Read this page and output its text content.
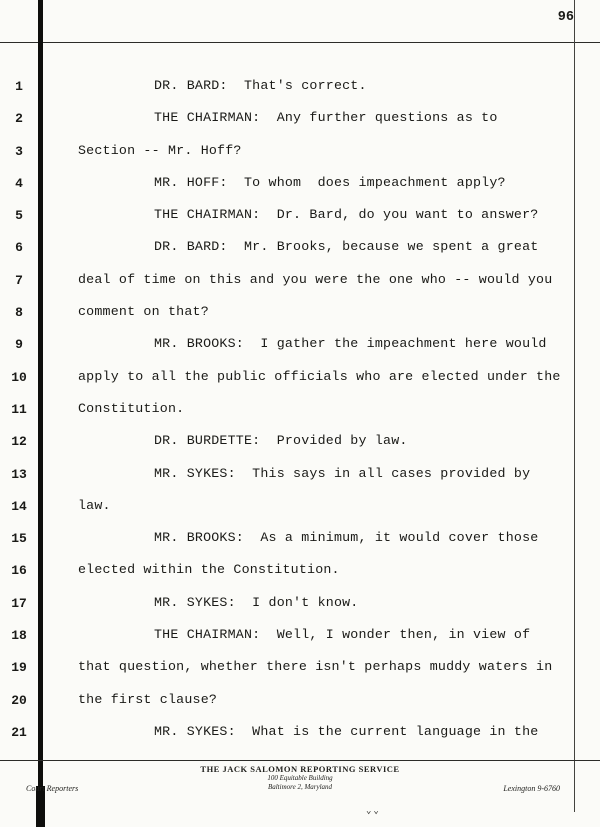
⌄⌄
96
1	DR. BARD:  That's correct.
2	THE CHAIRMAN:  Any further questions as to
3	Section -- Mr. Hoff?
4	MR. HOFF:  To whom  does impeachment apply?
5	THE CHAIRMAN:  Dr. Bard, do you want to answer?
6	DR. BARD:  Mr. Brooks, because we spent a great
7	deal of time on this and you were the one who -- would you
8	comment on that?
9	MR. BROOKS:  I gather the impeachment here would
10	apply to all the public officials who are elected under the
11	Constitution.
12	DR. BURDETTE:  Provided by law.
13	MR. SYKES:  This says in all cases provided by
14	law.
15	MR. BROOKS:  As a minimum, it would cover those
16	elected within the Constitution.
17	MR. SYKES:  I don't know.
18	THE CHAIRMAN:  Well, I wonder then, in view of
19	that question, whether there isn't perhaps muddy waters in
20	the first clause?
21	MR. SYKES:  What is the current language in the
THE JACK SALOMON REPORTING SERVICE
100 Equitable Building
Baltimore 2, Maryland
Court Reporters	Lexington 9-6760
